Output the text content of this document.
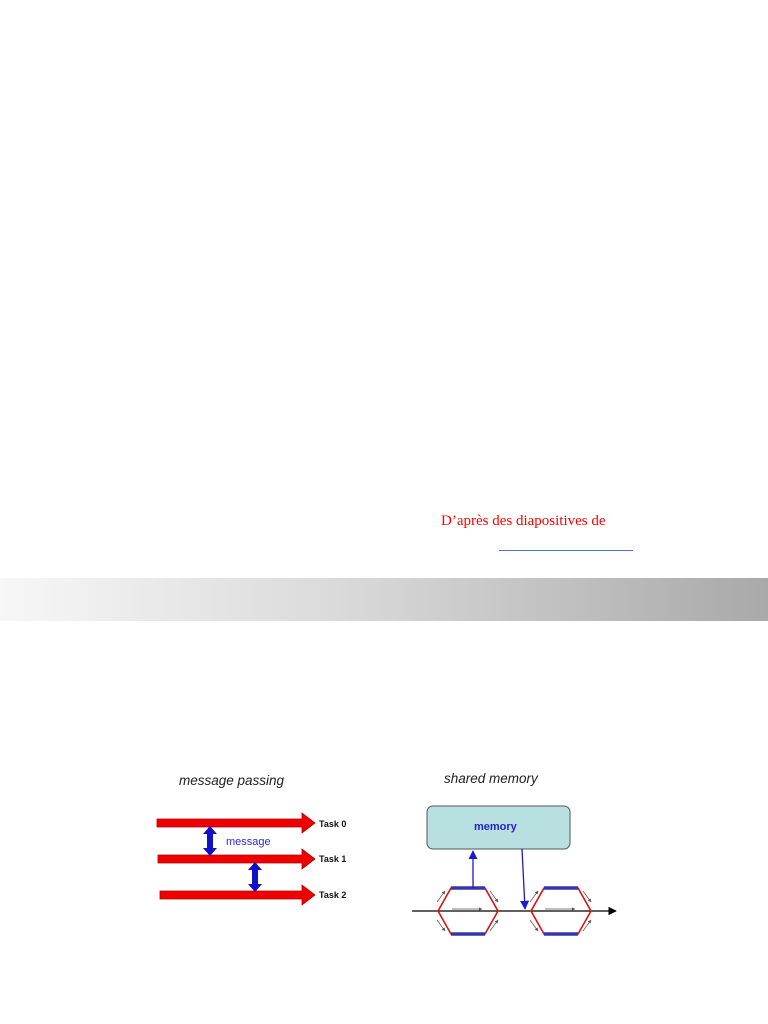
D’après des diapositives de
message passing
Task 0
Task 1
Task 2
message
shared memory
memory
